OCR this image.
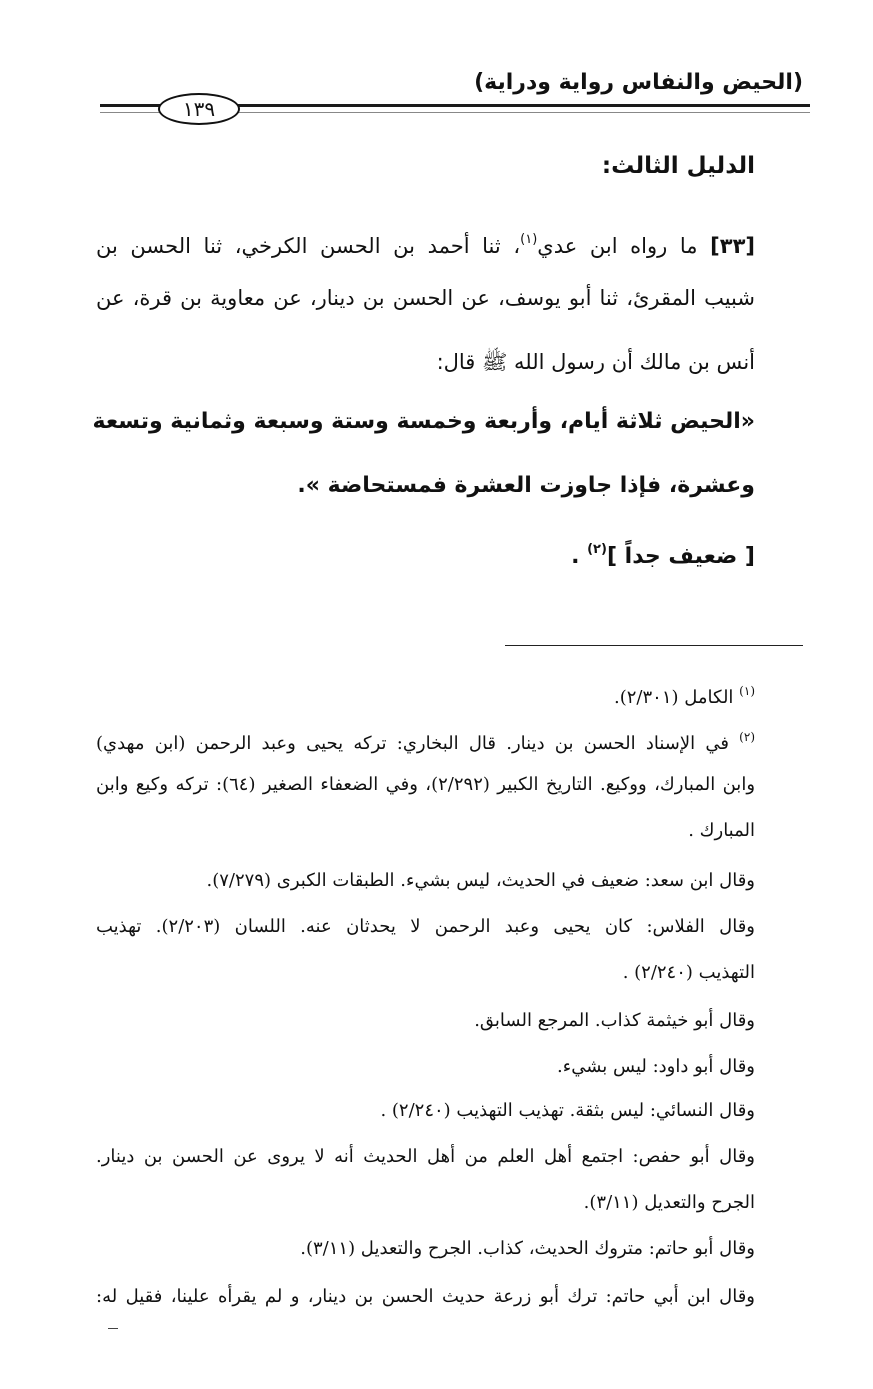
(الحيض والنفاس رواية ودراية)
١٣٩
الدليل الثالث:
[٣٣] ما رواه ابن عدي$^{(١)}$، ثنا أحمد بن الحسن الكرخي، ثنا الحسن بن
شبيب المقرئ، ثنا أبو يوسف، عن الحسن بن دينار، عن معاوية بن قرة، عن
أنس بن مالك أن رسول الله ﷺ قال:
«الحيض ثلاثة أيام، وأربعة وخمسة وستة وسبعة وثمانية وتسعة
وعشرة، فإذا جاوزت العشرة فمستحاضة ».
[ ضعيف جداً ]$^{(٢)}$ .
$^{(١)}$ الكامل (٢/٣٠١).
$^{(٢)}$ في الإسناد الحسن بن دينار. قال البخاري: تركه يحيى وعبد الرحمن (ابن مهدي)
وابن المبارك، ووكيع. التاريخ الكبير (٢/٢٩٢)، وفي الضعفاء الصغير (٦٤): تركه وكيع وابن
المبارك .
وقال ابن سعد: ضعيف في الحديث، ليس بشيء. الطبقات الكبرى (٧/٢٧٩).
وقال الفلاس: كان يحيى وعبد الرحمن لا يحدثان عنه. اللسان (٢/٢٠٣). تهذيب
التهذيب (٢/٢٤٠) .
وقال أبو خيثمة كذاب. المرجع السابق.
وقال أبو داود: ليس بشيء.
وقال النسائي: ليس بثقة. تهذيب التهذيب (٢/٢٤٠) .
وقال أبو حفص: اجتمع أهل العلم من أهل الحديث أنه لا يروى عن الحسن بن دينار.
الجرح والتعديل (٣/١١).
وقال أبو حاتم: متروك الحديث، كذاب. الجرح والتعديل (٣/١١).
وقال ابن أبي حاتم: ترك أبو زرعة حديث الحسن بن دينار، و لم يقرأه علينا، فقيل له:
